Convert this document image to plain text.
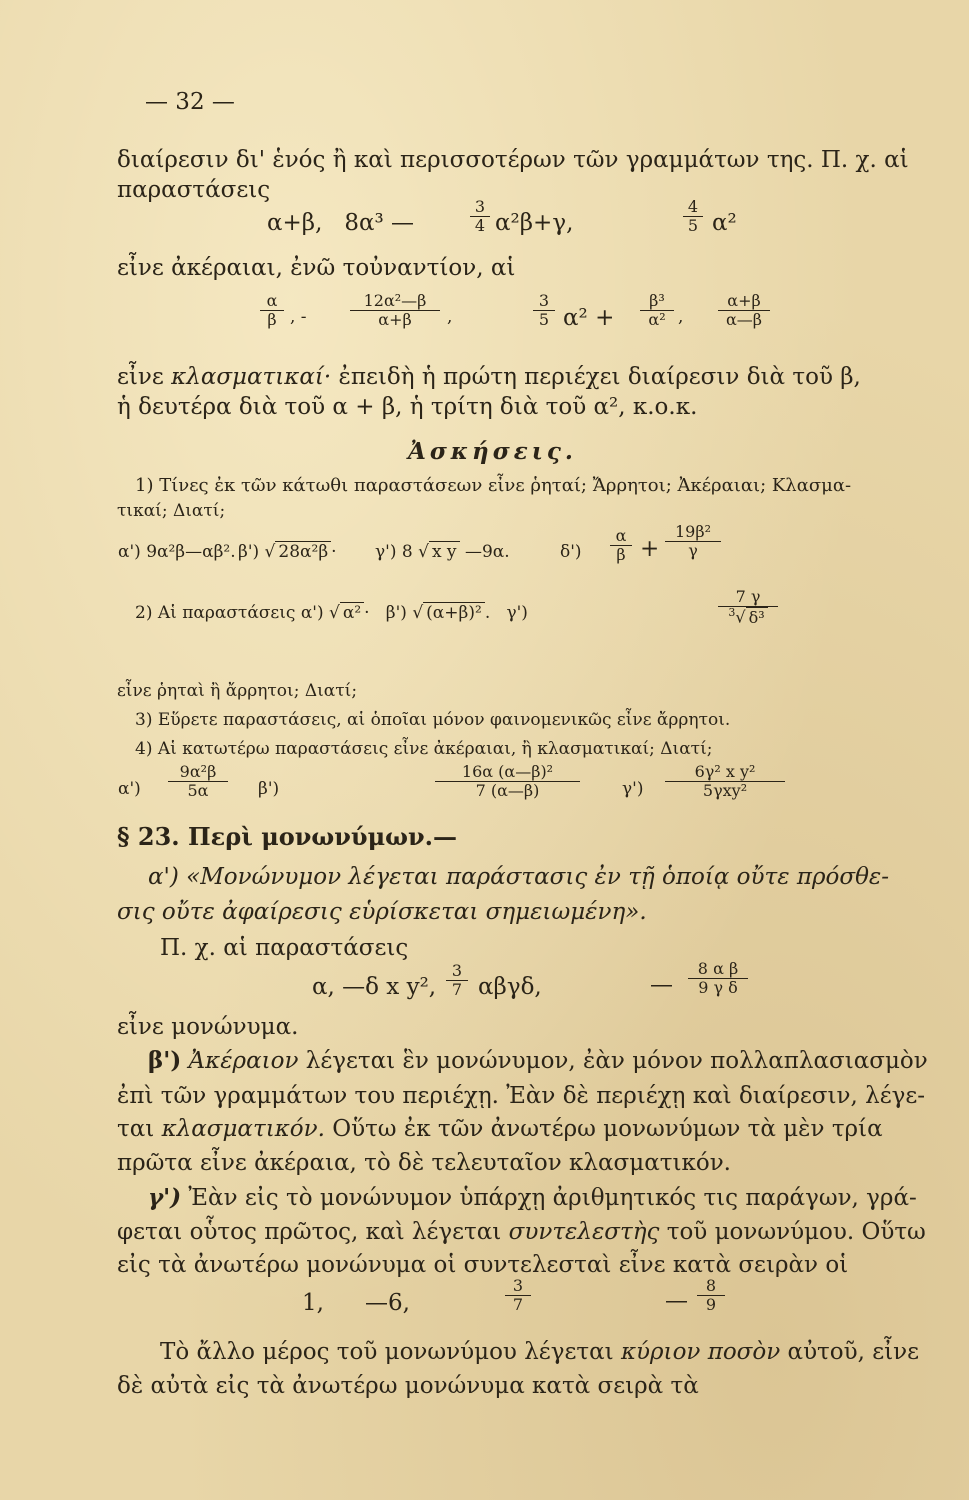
— 32 —
διαίρεσιν δι' ἑνός ἢ καὶ περισσοτέρων τῶν γραμμάτων της. Π. χ. αἱ
παραστάσεις
α+β, 8α³ —	$\frac{3}{4} \alpha^2\beta+\gamma$,	$\frac{4}{5} \alpha^2$
εἶνε ἀκέραιαι, ἐνῶ τοὐναντίον, αἱ
$\frac{\alpha}{\beta}$ , -	$\frac{\text{12α²—β}}{\alpha+\beta}$ ,	$\frac{3}{5} \alpha^2 + \frac{\text{β³}}{\text{α²}}$ , $\frac{\alpha+\beta}{\alpha—\beta}$
εἶνε κλασματικαί· ἐπειδὴ ἡ πρώτη περιέχει διαίρεσιν διὰ τοῦ β,
ἡ δευτέρα διὰ τοῦ α + β, ἡ τρίτη διὰ τοῦ α², κ.ο.κ.
Ἀσκήσεις.
1) Τίνες ἐκ τῶν κάτωθι παραστάσεων εἶνε ῥηταί; Ἄρρητοι; Ἀκέραιαι; Κλασμα-
τικαί; Διατί;
α') 9α²β—αβ². β') √ 28α²β · γ') 8 √ x y —9α.	$\delta') \frac{\alpha}{\beta} + \frac{\text{19β²}}{\gamma}$
2) Αἱ παραστάσεις α') √ α² ·   β') √ (α+β)² .   γ')	$\frac{7 \gamma}{^3√ \delta^3}$
εἶνε ῥηταὶ ἢ ἄρρητοι; Διατί;
3) Εὕρετε παραστάσεις, αἱ ὁποῖαι μόνον φαινομενικῶς εἶνε ἄρρητοι.
4) Αἱ κατωτέρω παραστάσεις εἶνε ἀκέραιαι, ἢ κλασματικαί; Διατί;
$\alpha') \frac{\text{9α²β}}{5\alpha} \beta'$)	$\frac{\text{16α (α—β)²}}{7 (\alpha—\beta)} \gamma'$)
6γ² x y²
5γxy²
§ 23. Περὶ μονωνύμων.—
α') «Μονώνυμον λέγεται παράστασις ἐν τῇ ὁποίᾳ οὔτε πρόσθε-
σις οὔτε ἀφαίρεσις εὑρίσκεται σημειωμένη».
Π. χ. αἱ παραστάσεις
α, —δ x y², $\frac{3}{7} \alpha\beta\gamma\delta$,	— $\frac{\text{8 α β}}{\text{9 γ δ}}$
εἶνε μονώνυμα.
β') Ἀκέραιον λέγεται ἓν μονώνυμον, ἐὰν μόνον πολλαπλασιασμὸν
ἐπὶ τῶν γραμμάτων του περιέχῃ. Ἐὰν δὲ περιέχῃ καὶ διαίρεσιν, λέγε-
ται κλασματικόν. Οὕτω ἐκ τῶν ἀνωτέρω μονωνύμων τὰ μὲν τρία
πρῶτα εἶνε ἀκέραια, τὸ δὲ τελευταῖον κλασματικόν.
γ') Ἐὰν εἰς τὸ μονώνυμον ὑπάρχῃ ἀριθμητικός τις παράγων, γρά-
φεται οὗτος πρῶτος, καὶ λέγεται συντελεστὴς τοῦ μονωνύμου. Οὕτω
εἰς τὰ ἀνωτέρω μονώνυμα οἱ συντελεσταὶ εἶνε κατὰ σειρὰν οἱ
1, —6,	$\frac{3}{7}$	— $\frac{8}{9}$
Τὸ ἄλλο μέρος τοῦ μονωνύμου λέγεται κύριον ποσὸν αὐτοῦ, εἶνε
δὲ αὐτὰ εἰς τὰ ἀνωτέρω μονώνυμα κατὰ σειρὰ τὰ
